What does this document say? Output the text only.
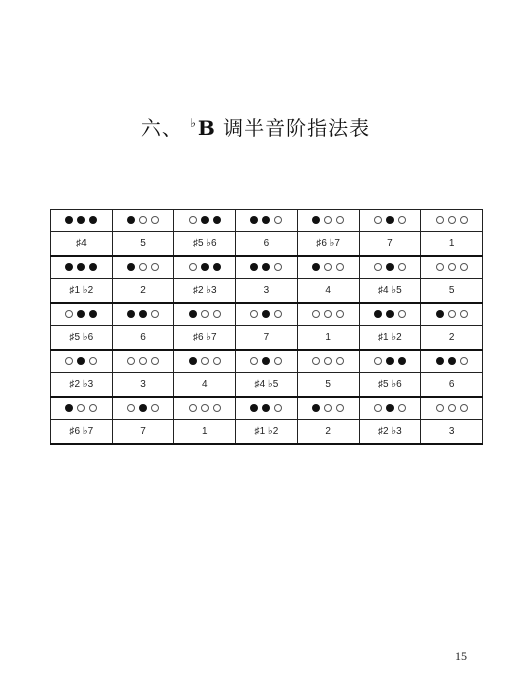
六、 ♭B 调半音阶指法表

♯4	5	♯5 ♭6	6	♯6 ♭7	7	1

♯1 ♭2	2	♯2 ♭3	3	4	♯4 ♭5	5

♯5 ♭6	6	♯6 ♭7	7	1	♯1 ♭2	2

♯2 ♭3	3	4	♯4 ♭5	5	♯5 ♭6	6

♯6 ♭7	7	1	♯1 ♭2	2	♯2 ♭3	3
15
